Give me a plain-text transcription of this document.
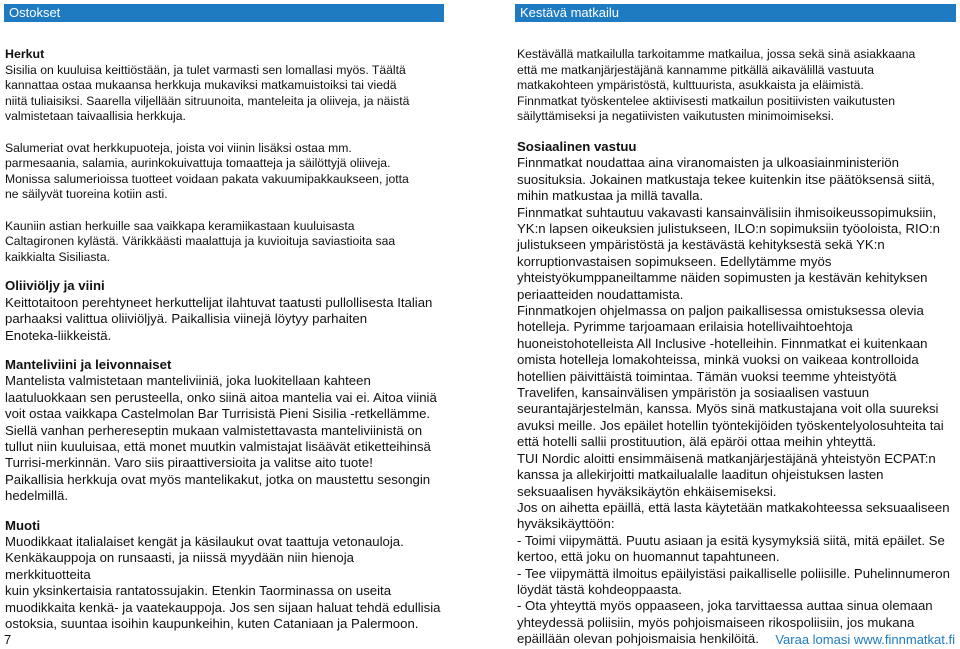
Ostokset	Kestävä matkailu
Herkut

Sisilia on kuuluisa keittiöstään, ja tulet varmasti sen lomallasi myös. Täältä
kannattaa ostaa mukaansa herkkuja mukaviksi matkamuistoiksi tai viedä
niitä tuliaisiksi. Saarella viljellään sitruunoita, manteleita ja oliiveja, ja näistä
valmistetaan taivaallisia herkkuja.

Salumeriat ovat herkkupuoteja, joista voi viinin lisäksi ostaa mm.
parmesaania, salamia, aurinkokuivattuja tomaatteja ja säilöttyjä oliiveja.
Monissa salumerioissa tuotteet voidaan pakata vakuumipakkaukseen, jotta
ne säilyvät tuoreina kotiin asti.

Kauniin astian herkuille saa vaikkapa keramiikastaan kuuluisasta
Caltagironen kylästä. Värikkäästi maalattuja ja kuvioituja saviastioita saa
kaikkialta Sisiliasta.

Oliiviöljy ja viini

Keittotaitoon perehtyneet herkuttelijat ilahtuvat taatusti pullollisesta Italian
parhaaksi valittua oliiviöljyä. Paikallisia viinejä löytyy parhaiten
Enoteka-liikkeistä.

Manteliviini ja leivonnaiset

Mantelista valmistetaan manteliviiniä, joka luokitellaan kahteen
laatuluokkaan sen perusteella, onko siinä aitoa mantelia vai ei. Aitoa viiniä
voit ostaa vaikkapa Castelmolan Bar Turrisistä Pieni Sisilia -retkellämme.
Siellä vanhan perhereseptin mukaan valmistettavasta manteliviinistä on
tullut niin kuuluisaa, että monet muutkin valmistajat lisäävät etiketteihinsä
Turrisi-merkinnän. Varo siis piraattiversioita ja valitse aito tuote!
Paikallisia herkkuja ovat myös mantelikakut, jotka on maustettu sesongin
hedelmillä.

Muoti

Muodikkaat italialaiset kengät ja käsilaukut ovat taattuja vetonauloja.
Kenkäkauppoja on runsaasti, ja niissä myydään niin hienoja merkkituotteita
kuin yksinkertaisia rantatossujakin. Etenkin Taorminassa on useita
muodikkaita kenkä- ja vaatekauppoja. Jos sen sijaan haluat tehdä edullisia
ostoksia, suuntaa isoihin kaupunkeihin, kuten Cataniaan ja Palermoon.

Kestävällä matkailulla tarkoitamme matkailua, jossa sekä sinä asiakkaana
että me matkanjärjestäjänä kannamme pitkällä aikavälillä vastuuta
matkakohteen ympäristöstä, kulttuurista, asukkaista ja eläimistä.
Finnmatkat työskentelee aktiivisesti matkailun positiivisten vaikutusten
säilyttämiseksi ja negatiivisten vaikutusten minimoimiseksi.

Sosiaalinen vastuu

Finnmatkat noudattaa aina viranomaisten ja ulkoasiainministeriön
suosituksia. Jokainen matkustaja tekee kuitenkin itse päätöksensä siitä,
mihin matkustaa ja millä tavalla.
Finnmatkat suhtautuu vakavasti kansainvälisiin ihmisoikeussopimuksiin,
YK:n lapsen oikeuksien julistukseen, ILO:n sopimuksiin työoloista, RIO:n
julistukseen ympäristöstä ja kestävästä kehityksestä sekä YK:n
korruptionvastaisen sopimukseen. Edellytämme myös
yhteistyökumppaneiltamme näiden sopimusten ja kestävän kehityksen
periaatteiden noudattamista.
Finnmatkojen ohjelmassa on paljon paikallisessa omistuksessa olevia
hotelleja. Pyrimme tarjoamaan erilaisia hotellivaihtoehtoja
huoneistohotelleista All Inclusive -hotelleihin. Finnmatkat ei kuitenkaan
omista hotelleja lomakohteissa, minkä vuoksi on vaikeaa kontrolloida
hotellien päivittäistä toimintaa. Tämän vuoksi teemme yhteistyötä
Travelifen, kansainvälisen ympäristön ja sosiaalisen vastuun
seurantajärjestelmän, kanssa. Myös sinä matkustajana voit olla suureksi
avuksi meille. Jos epäilet hotellin työntekijöiden työskentelyolosuhteita tai
että hotelli sallii prostituution, älä epäröi ottaa meihin yhteyttä.
TUI Nordic aloitti ensimmäisenä matkanjärjestäjänä yhteistyön ECPAT:n
kanssa ja allekirjoitti matkailualalle laaditun ohjeistuksen lasten
seksuaalisen hyväksikäytön ehkäisemiseksi.
Jos on aihetta epäillä, että lasta käytetään matkakohteessa seksuaaliseen
hyväksikäyttöön:
- Toimi viipymättä. Puutu asiaan ja esitä kysymyksiä siitä, mitä epäilet. Se
kertoo, että joku on huomannut tapahtuneen.
- Tee viipymättä ilmoitus epäilyistäsi paikalliselle poliisille. Puhelinnumeron
löydät tästä kohdeoppaasta.
- Ota yhteyttä myös oppaaseen, joka tarvittaessa auttaa sinua olemaan
yhteydessä poliisiin, myös pohjoismaiseen rikospoliisiin, jos mukana
epäillään olevan pohjoismaisia henkilöitä.

7	Varaa lomasi www.finnmatkat.fi
